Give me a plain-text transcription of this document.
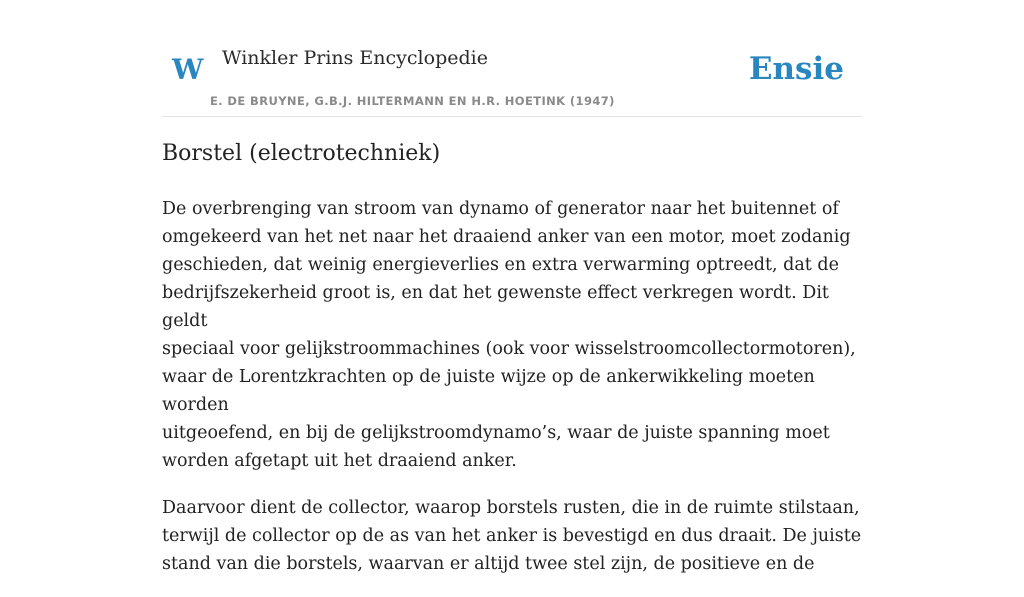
W Winkler Prins Encyclopedie
E. DE BRUYNE, G.B.J. HILTERMANN EN H.R. HOETINK (1947)
Ensie
Borstel (electrotechniek)

De overbrenging van stroom van dynamo of generator naar het buitennet of
omgekeerd van het net naar het draaiend anker van een motor, moet zodanig
geschieden, dat weinig energieverlies en extra verwarming optreedt, dat de
bedrijfszekerheid groot is, en dat het gewenste effect verkregen wordt. Dit geldt
speciaal voor gelijkstroommachines (ook voor wisselstroomcollectormotoren),
waar de Lorentzkrachten op de juiste wijze op de ankerwikkeling moeten worden
uitgeoefend, en bij de gelijkstroomdynamo’s, waar de juiste spanning moet
worden afgetapt uit het draaiend anker.

Daarvoor dient de collector, waarop borstels rusten, die in de ruimte stilstaan,
terwijl de collector op de as van het anker is bevestigd en dus draait. De juiste
stand van die borstels, waarvan er altijd twee stel zijn, de positieve en de
